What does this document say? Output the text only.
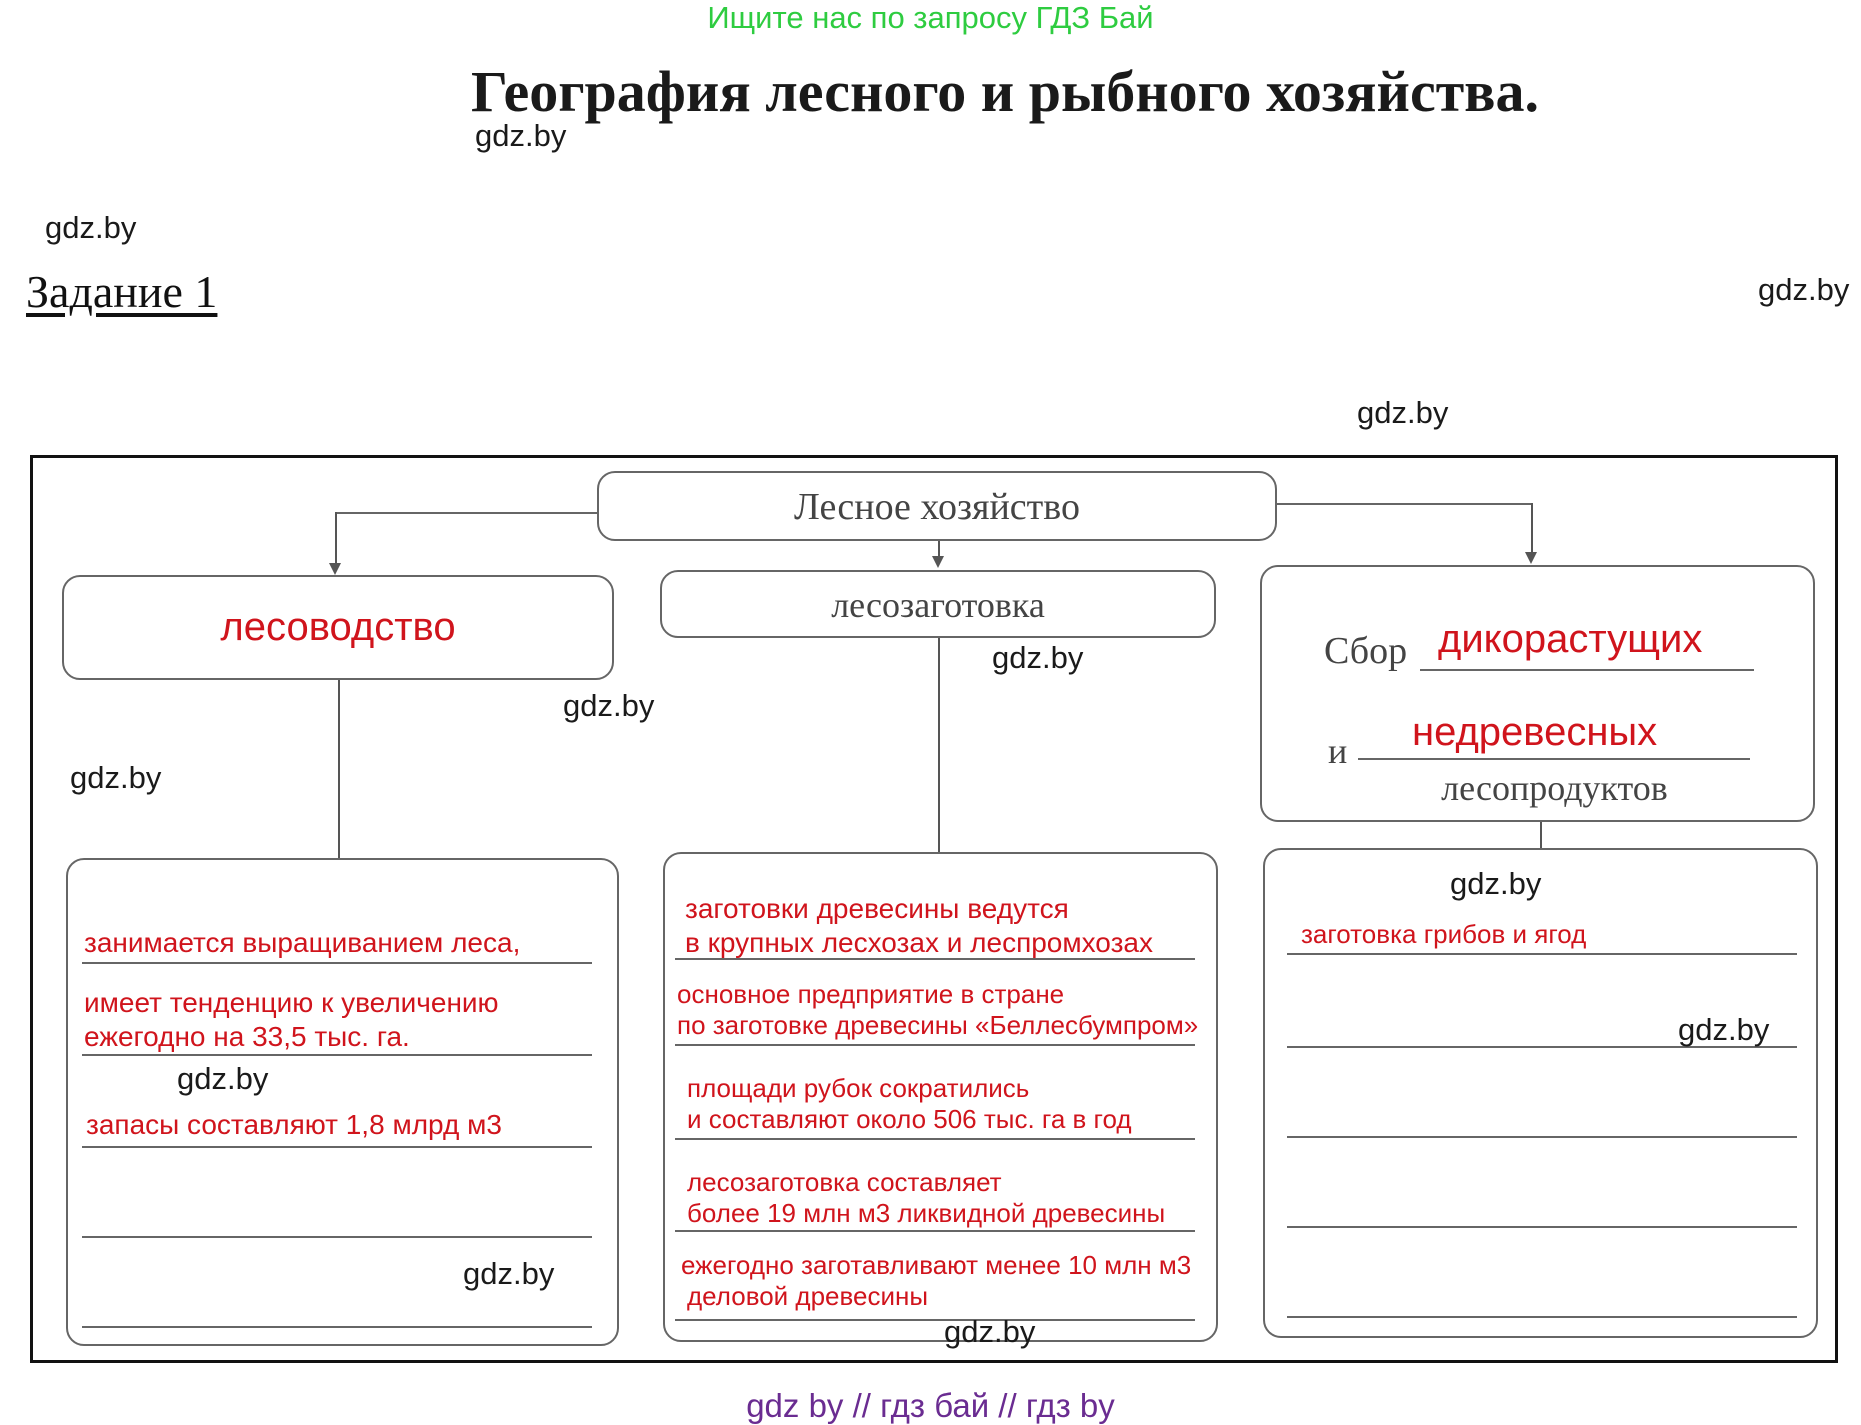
Ищите нас по запросу ГДЗ Бай
География лесного и рыбного хозяйства.
gdz.by
gdz.by
gdz.by
gdz.by
Задание 1
Лесное хозяйство
лесоводство	лесозаготовка
Сбор дикорастущих
и недревесных
лесопродуктов
занимается выращиванием леса,
имеет тенденцию к увеличению
ежегодно на 33,5 тыс. га.
запасы составляют 1,8 млрд м3
заготовки древесины ведутся
в крупных лесхозах и леспромхозах
основное предприятие в стране
по заготовке древесины «Беллесбумпром»
площади рубок сократились
и составляют около 506 тыс. га в год
лесозаготовка составляет
более 19 млн м3 ликвидной древесины
ежегодно заготавливают менее 10 млн м3
деловой древесины
заготовка грибов и ягод
gdz.by
gdz.by
gdz.by
gdz.by
gdz.by
gdz.by
gdz.by
gdz.by
gdz by // гдз бай // гдз by
